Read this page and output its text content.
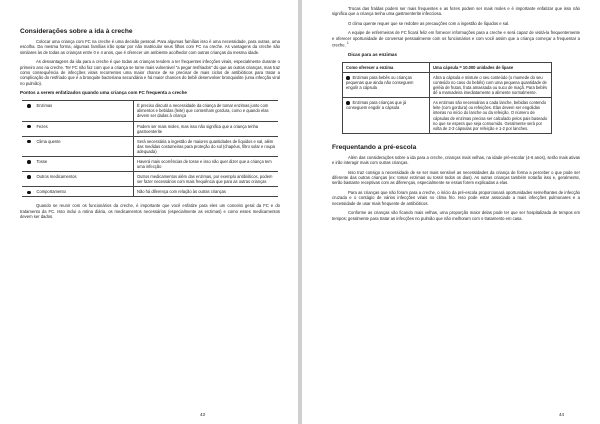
Considerações sobre a ida à creche

Colocar uma criança com FC na creche é uma decisão pessoal. Para algumas famílias isso é uma necessidade, para outras, uma escolha. Da mesma forma, algumas famílias irão optar por não matricular seus filhos com FC na creche. As vantagens da creche são similares às de todas as crianças entre 0 e 4 anos, que é oferecer um ambiente acolhedor com outras crianças da mesma idade.

As desvantagens da ida para a creche é que todas as crianças tendem a ter frequentes infecções virais, especialmente durante o primeiro ano na creche. Ter FC não faz com que a criança se torne mais vulnerável "a pegar resfriados" do que as outras crianças, mas traz como consequência de infecções virais recorrentes uma maior chance de se precisar de mais ciclos de antibióticos para tratar a complicação do resfriado que é a bronquite bacteriana secundária e há maior chances do bebê desenvolver bronquiolite (uma infecção viral no pulmão).

Pontos a serem enfatizados quando uma criança com FC frequenta a creche
Enzimas	É preciso discutir a necessidade da criança de tomar enzimas junto com alimentos e bebidas (leite) que contenham gordura, como e quando elas devem ser dadas à criança
Fezes	Podem ser mais moles, mas isso não significa que a criança tenha gastroenterite
Clima quente	Será necessária a ingestão de maiores quantidades de líquidos e sal, além das medidas costumeiras para proteção do sol (chapéus, filtro solar e roupa adequada)
Tosse	Haverá mais ocorrências de tosse e isso não quer dizer que a criança tem uma infecção
Outros medicamentos	Outros medicamentos além das enzimas, por exemplo antibióticos, podem ser fazer necessários com mais frequência que para as outras crianças
Comportamento	Não há diferença com relação às outras crianças

Quando se reunir com os funcionários da creche, é importante que você enfatize para eles um conceito geral da FC e do tratamento da FC. Isso inclui a rotina diária, os medicamentos necessários (especialmente as enzimas) e como esses medicamentos devem ser dados.

43

Trocas das fraldas podem ser mais frequentes e as fezes podem ser mais moles e é importante enfatizar que isso não significa que a criança tenha uma gastroenterite infecciosa.

O clima quente requer que se redobre as precauções com a ingestão de líquidos e sal.

A equipe de enfermeiras de FC ficará feliz em fornecer informações para a creche e será capaz de visitá-la frequentemente e oferecer oportunidade de conversar pessoalmente com os funcionários e com você assim que a criança começar a frequentar a creche. $^1$

Dicas para as enzimas
Como oferecer a enzima	Uma cápsula = 10.000 unidades de lipase
Enzimas para bebês ou crianças pequenas que ainda não conseguem engolir a cápsula	Abra a cápsula e misture o seu conteúdo (o mumede do seu conteúdo no caso do bebês) com uma pequena quantidade de geléia de frutas, fruta amassada ou suco de maçã. Para bebês dê a mamadeira imediatamente a alimente normalmente.
Enzimas para crianças que já conseguem engolir a cápsula	As enzimas são necessárias a cada lanche, bebidas contendo leite (com gordura) ou refeições. Elas devem ser engolidas inteiras no início do lanche ou da refeição. O número de cápsulas de enzimas precisa ser calculado pelos pais baseado no que se espera que seja consumido. Geralmente será por volta de 2-3 cápsulas por refeição e 1-2 por lanches.
Frequentando a pré-escola

Além das considerações sobre a ida para a creche, crianças mais velhas, na idade pré-escolar (4-6 anos), serão mais ativas e irão interagir mais com outras crianças.

Isso traz consigo a necessidade de se ser mais sensível as necessidades da criança de forma a perceber o que pode ser diferente das outras crianças (ex: tomar enzimas ou tossir todos os dias). As outras crianças também notarão isso e, geralmente, serão bastante receptivas com as diferenças, especialmente se essas forem explicadas a elas.

Para as crianças que não foram para a creche, o início da pré-escola proporcionará oportunidades semelhantes de infecção cruzada e o contágio de vários infecções virais no clima frio. Isso pode estar associado a mais infecções pulmonares e a necessidade de usar mais frequente de antibióticos.

Conforme as crianças vão ficando mais velhas, uma proporção maior delas pode ter que ser hospitalizada de tempos em tempos; geralmente para tratar as infecções no pulmão que não melhoram com o tratamento em casa.

44
